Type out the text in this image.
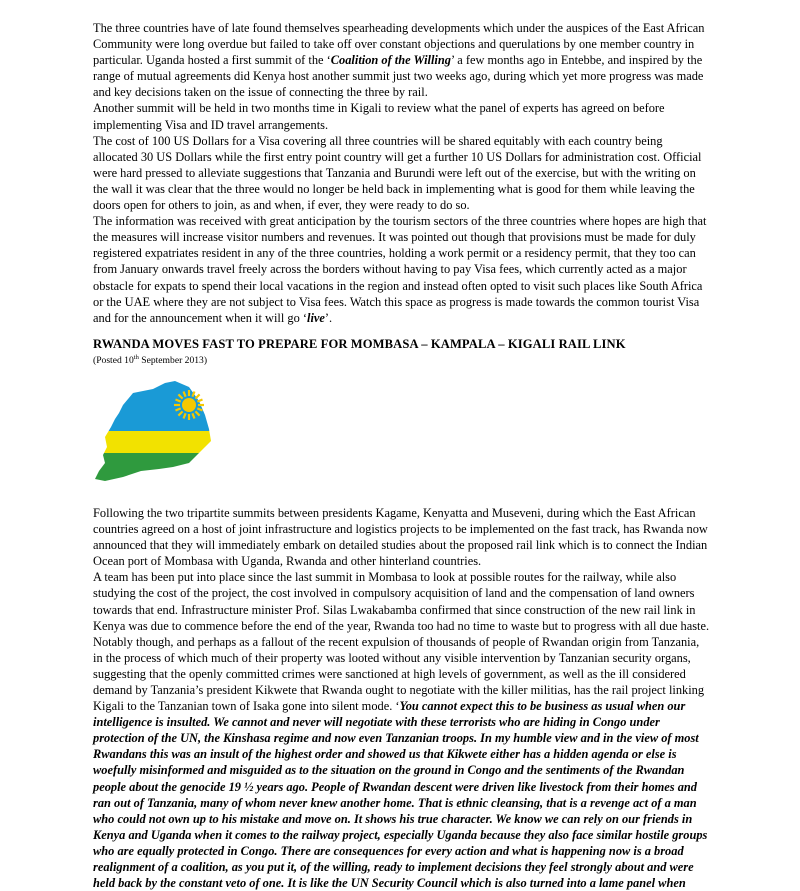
The three countries have of late found themselves spearheading developments which under the auspices of the East African Community were long overdue but failed to take off over constant objections and querulations by one member country in particular. Uganda hosted a first summit of the ‘Coalition of the Willing’ a few months ago in Entebbe, and inspired by the range of mutual agreements did Kenya host another summit just two weeks ago, during which yet more progress was made and key decisions taken on the issue of connecting the three by rail.

Another summit will be held in two months time in Kigali to review what the panel of experts has agreed on before implementing Visa and ID travel arrangements.

The cost of 100 US Dollars for a Visa covering all three countries will be shared equitably with each country being allocated 30 US Dollars while the first entry point country will get a further 10 US Dollars for administration cost. Official were hard pressed to alleviate suggestions that Tanzania and Burundi were left out of the exercise, but with the writing on the wall it was clear that the three would no longer be held back in implementing what is good for them while leaving the doors open for others to join, as and when, if ever, they were ready to do so.

The information was received with great anticipation by the tourism sectors of the three countries where hopes are high that the measures will increase visitor numbers and revenues. It was pointed out though that provisions must be made for duly registered expatriates resident in any of the three countries, holding a work permit or a residency permit, that they too can from January onwards travel freely across the borders without having to pay Visa fees, which currently acted as a major obstacle for expats to spend their local vacations in the region and instead often opted to visit such places like South Africa or the UAE where they are not subject to Visa fees. Watch this space as progress is made towards the common tourist Visa and for the announcement when it will go ‘live’.

RWANDA MOVES FAST TO PREPARE FOR MOMBASA – KAMPALA – KIGALI RAIL LINK
(Posted 10th September 2013)

Following the two tripartite summits between presidents Kagame, Kenyatta and Museveni, during which the East African countries agreed on a host of joint infrastructure and logistics projects to be implemented on the fast track, has Rwanda now announced that they will immediately embark on detailed studies about the proposed rail link which is to connect the Indian Ocean port of Mombasa with Uganda, Rwanda and other hinterland countries.

A team has been put into place since the last summit in Mombasa to look at possible routes for the railway, while also studying the cost of the project, the cost involved in compulsory acquisition of land and the compensation of land owners towards that end. Infrastructure minister Prof. Silas Lwakabamba confirmed that since construction of the new rail link in Kenya was due to commence before the end of the year, Rwanda too had no time to waste but to progress with all due haste.

Notably though, and perhaps as a fallout of the recent expulsion of thousands of people of Rwandan origin from Tanzania, in the process of which much of their property was looted without any visible intervention by Tanzanian security organs, suggesting that the openly committed crimes were sanctioned at high levels of government, as well as the ill considered demand by Tanzania’s president Kikwete that Rwanda ought to negotiate with the killer militias, has the rail project linking Kigali to the Tanzanian town of Isaka gone into silent mode. ‘You cannot expect this to be business as usual when our intelligence is insulted. We cannot and never will negotiate with these terrorists who are hiding in Congo under protection of the UN, the Kinshasa regime and now even Tanzanian troops. In my humble view and in the view of most Rwandans this was an insult of the highest order and showed us that Kikwete either has a hidden agenda or else is woefully misinformed and misguided as to the situation on the ground in Congo and the sentiments of the Rwandan people about the genocide 19 ½ years ago. People of Rwandan descent were driven like livestock from their homes and ran out of Tanzania, many of whom never knew another home. That is ethnic cleansing, that is a revenge act of a man who could not own up to his mistake and move on. It shows his true character. We know we can rely on our friends in Kenya and Uganda when it comes to the railway project, especially Uganda because they also face similar hostile groups who are equally protected in Congo. There are consequences for every action and what is happening now is a broad realignment of a coalition, as you put it, of the willing, ready to implement decisions they feel strongly about and were held back by the constant veto of one. It is like the UN Security Council which is also turned into a lame panel when
